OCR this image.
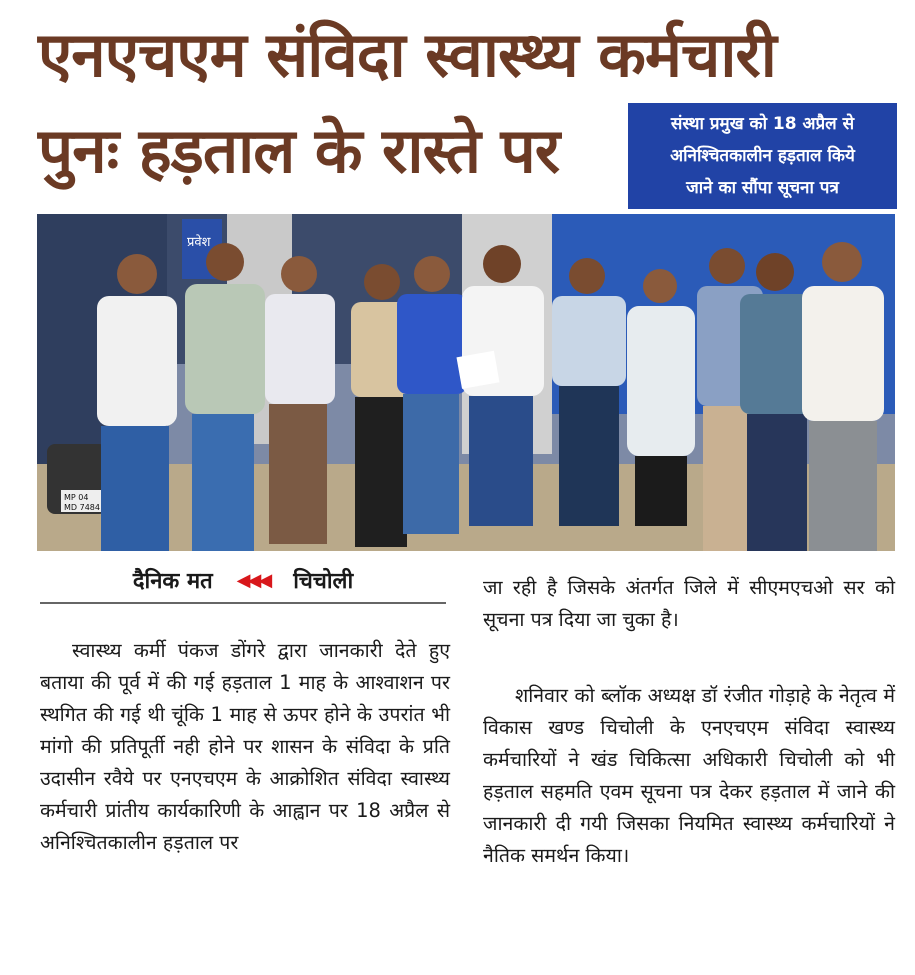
एनएचएम संविदा स्वास्थ्य कर्मचारी
पुनः हड़ताल के रास्ते पर	संस्था प्रमुख को 18 अप्रैल से
अनिश्चितकालीन हड़ताल किये
जाने का सौंपा सूचना पत्र
प्रवेश
MP 04
MD 7484
दैनिक मत ◀◀◀ चिचोली

स्वास्थ्य कर्मी पंकज डोंगरे द्वारा जानकारी देते हुए बताया की पूर्व में की गई हड़ताल 1 माह के आश्वाशन पर स्थगित की गई थी चूंकि 1 माह से ऊपर होने के उपरांत भी मांगो की प्रतिपूर्ती नही होने पर शासन के संविदा के प्रति उदासीन रवैये पर एनएचएम के आक्रोशित संविदा स्वास्थ्य कर्मचारी प्रांतीय कार्यकारिणी के आह्वान पर 18 अप्रैल से अनिश्चितकालीन हड़ताल पर

जा रही है जिसके अंतर्गत जिले में सीएमएचओ सर को सूचना पत्र दिया जा चुका है।

शनिवार को ब्लॉक अध्यक्ष डॉ रंजीत गोड़ाहे के नेतृत्व में विकास खण्ड चिचोली के एनएचएम संविदा स्वास्थ्य कर्मचारियों ने खंड चिकित्सा अधिकारी चिचोली को भी हड़ताल सहमति एवम सूचना पत्र देकर हड़ताल में जाने की जानकारी दी गयी जिसका नियमित स्वास्थ्य कर्मचारियों ने नैतिक समर्थन किया।
